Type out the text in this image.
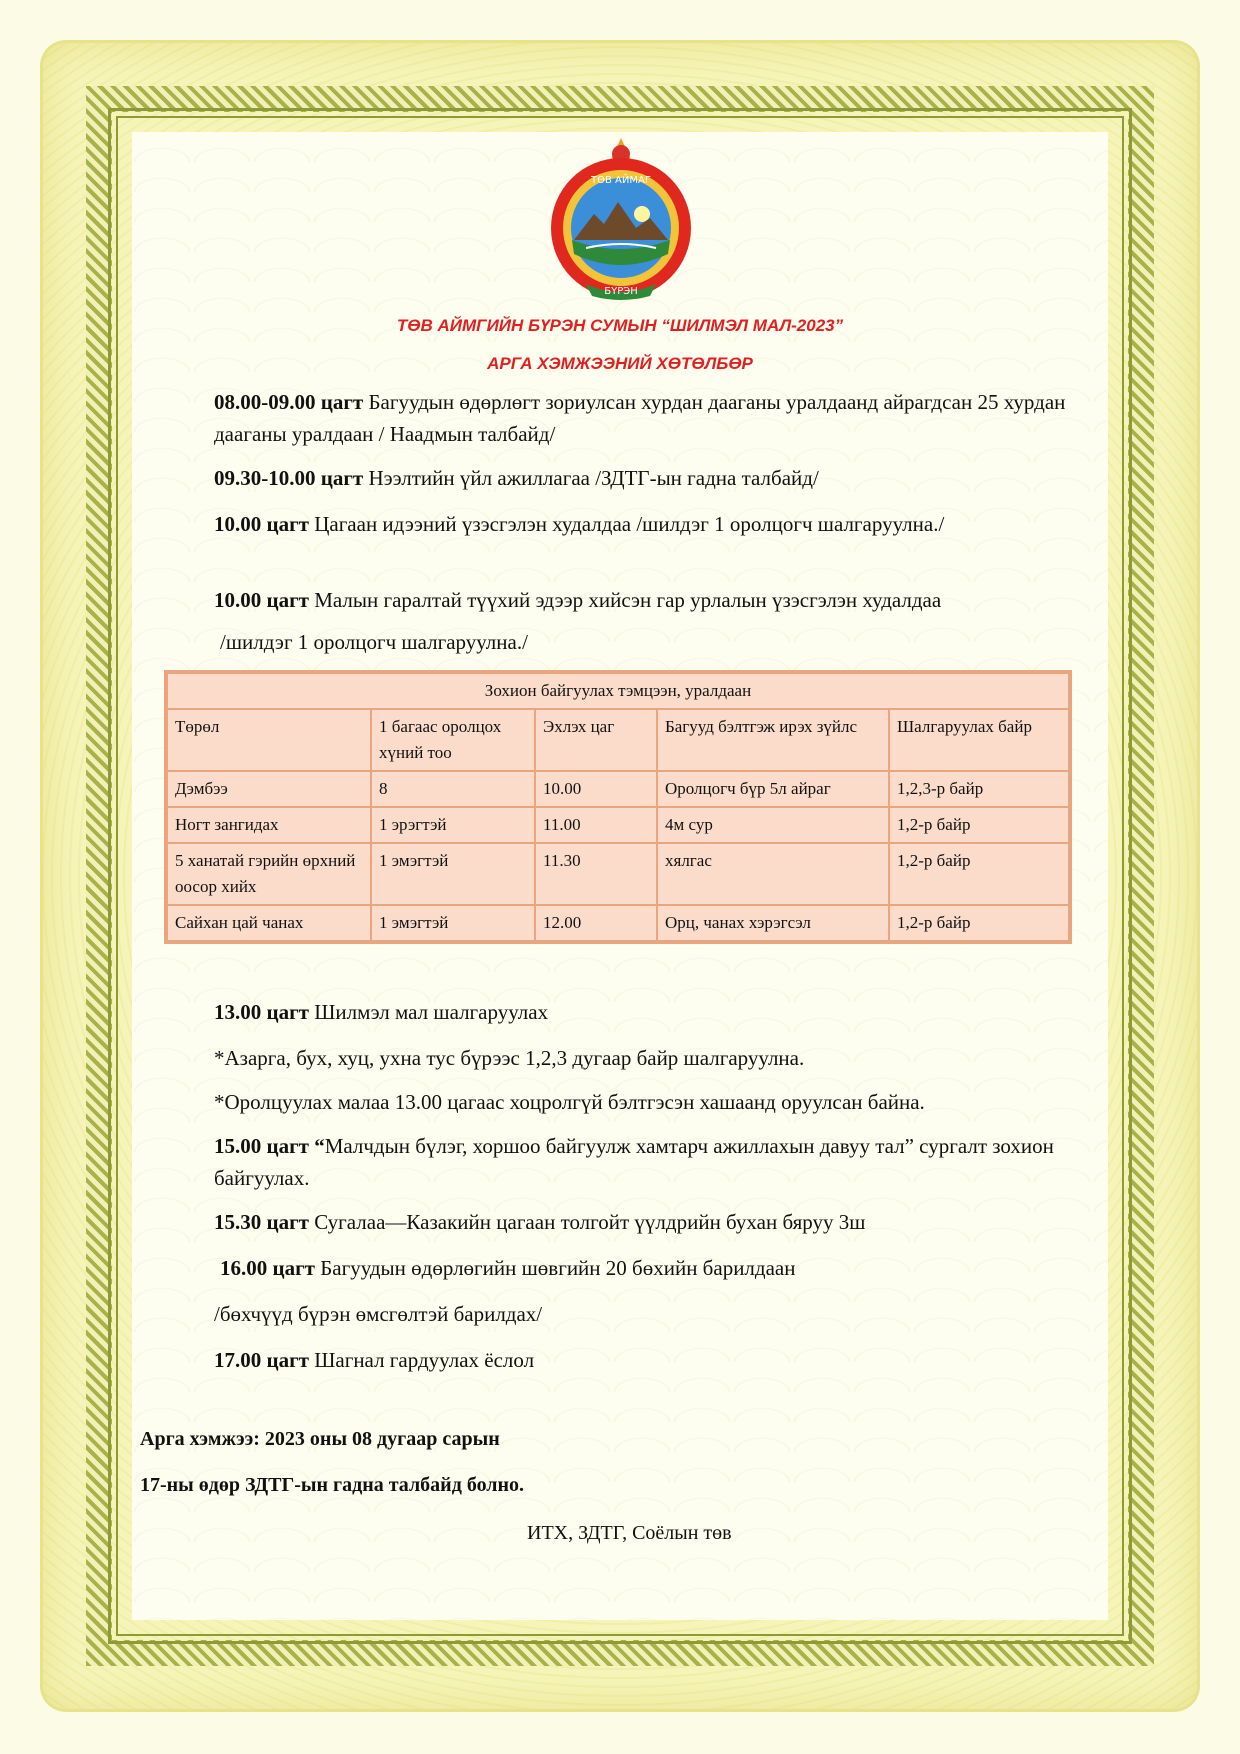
ТӨВ АЙМАГ
БҮРЭН
ТӨВ АЙМГИЙН БҮРЭН СУМЫН “ШИЛМЭЛ МАЛ-2023”
АРГА ХЭМЖЭЭНИЙ ХӨТӨЛБӨР
08.00-09.00 цагт Багуудын өдөрлөгт зориулсан хурдан дааганы уралдаанд айрагдсан 25 хурдан дааганы уралдаан / Наадмын талбайд/
09.30-10.00 цагт Нээлтийн үйл ажиллагаа /ЗДТГ-ын гадна талбайд/
10.00 цагт Цагаан идээний үзэсгэлэн худалдаа /шилдэг 1 оролцогч шалгаруулна./
10.00 цагт Малын гаралтай түүхий эдээр хийсэн гар урлалын үзэсгэлэн худалдаа
/шилдэг 1 оролцогч шалгаруулна./
Зохион байгуулах тэмцээн, уралдаан				
Төрөл	1 багаас оролцох хүний тоо	Эхлэх цаг	Багууд бэлтгэж ирэх зүйлс	Шалгаруулах байр
Дэмбээ	8	10.00	Оролцогч бүр 5л айраг	1,2,3-р байр
Ногт зангидах	1 эрэгтэй	11.00	4м сур	1,2-р байр
5 ханатай гэрийн өрхний оосор хийх	1 эмэгтэй	11.30	хялгас	1,2-р байр
Сайхан цай чанах	1 эмэгтэй	12.00	Орц, чанах хэрэгсэл	1,2-р байр
13.00 цагт Шилмэл мал шалгаруулах
*Азарга, бух, хуц, ухна тус бүрээс 1,2,3 дугаар байр шалгаруулна.
*Оролцуулах малаа 13.00 цагаас хоцролгүй бэлтгэсэн хашаанд оруулсан байна.
15.00 цагт “Малчдын бүлэг, хоршоо байгуулж хамтарч ажиллахын давуу тал” сургалт зохион байгуулах.
15.30 цагт Сугалаа—Казакийн цагаан толгойт үүлдрийн бухан бяруу 3ш
16.00 цагт Багуудын өдөрлөгийн шөвгийн 20 бөхийн барилдаан
/бөхчүүд бүрэн өмсгөлтэй барилдах/
17.00 цагт Шагнал гардуулах ёслол
Арга хэмжээ: 2023 оны 08 дугаар сарын
17-ны өдөр ЗДТГ-ын гадна талбайд болно.
ИТХ, ЗДТГ, Соёлын төв
